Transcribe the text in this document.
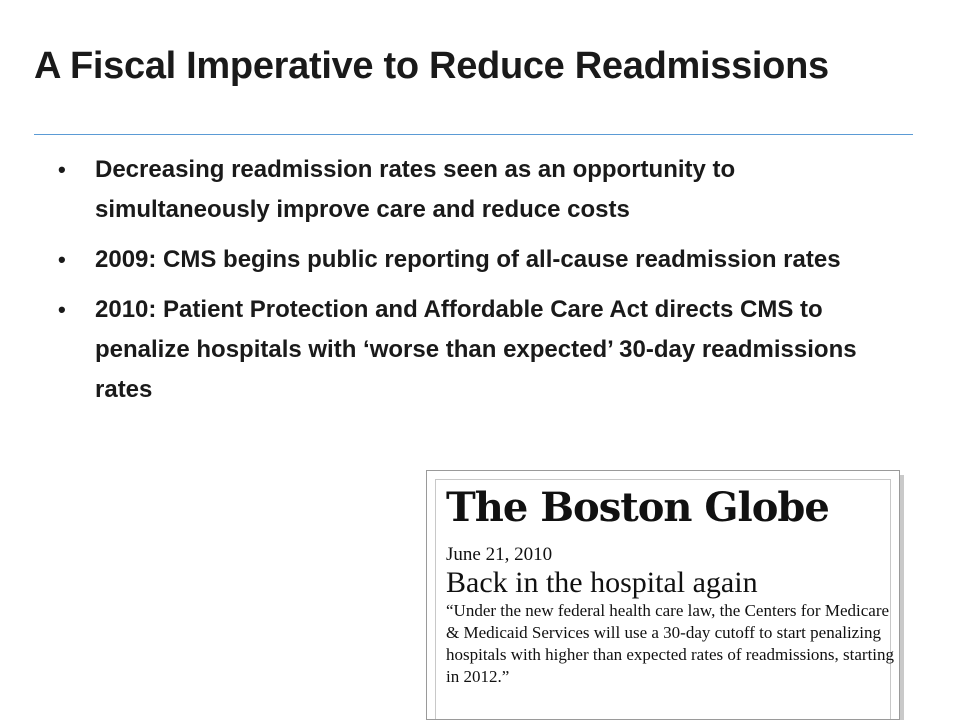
A Fiscal Imperative to Reduce Readmissions
• Decreasing readmission rates seen as an opportunity to simultaneously improve care and reduce costs
• 2009: CMS begins public reporting of all-cause readmission rates
• 2010: Patient Protection and Affordable Care Act directs CMS to penalize hospitals with ‘worse than expected’ 30-day readmissions rates
The Boston Globe
June 21, 2010
Back in the hospital again
“Under the new federal health care law, the Centers for Medicare & Medicaid Services will use a 30-day cutoff to start penalizing hospitals with higher than expected rates of readmissions, starting in 2012.”
